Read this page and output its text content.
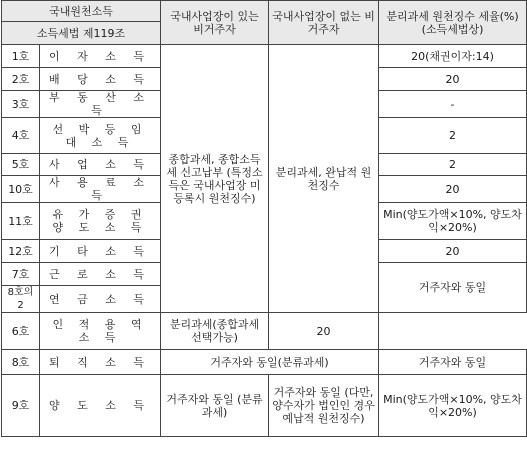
국내원천소득		국내사업장이 있는 비거주자	국내사업장이 없는 비거주자	분리과세 원천징수 세율(%)(소득세법상)
소득세법 제119조				
1호	이 자 소 득	종합과세, 종합소득세 신고납부 (특정소득은 국내사업장 미등록시 원천징수)	분리과세, 완납적 원천징수	20(채권이자:14)
2호	배 당 소 득			20
3호	부 동 산 소 득			-
4호	선 박 등 임 대 소 득			2
5호	사 업 소 득			2
10호	사 용 료 소 득			20
11호	유 가 증 권 양 도 소 득			Min(양도가액×10%, 양도차익×20%)
12호	기 타 소 득			20
7호	근 로 소 득			거주자와 동일
8호의2	연 금 소 득			
6호	인 적 용 역 소 득	분리과세(종합과세 선택가능)	20	
8호	퇴 직 소 득	거주자와 동일(분류과세)		거주자와 동일
9호	양 도 소 득	거주자와 동일 (분류과세)	거주자와 동일 (다만, 양수자가 법인인 경우 예납적 원천징수)	Min(양도가액×10%, 양도차익×20%)
